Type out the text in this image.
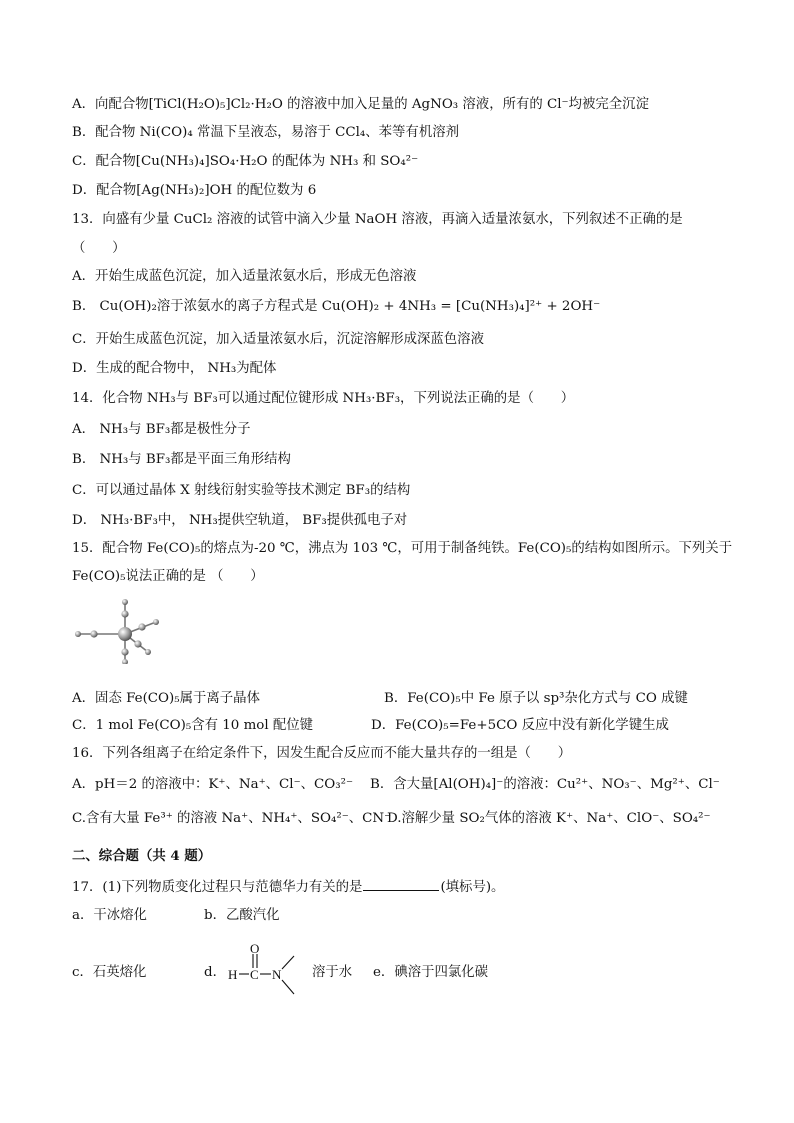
A．向配合物[TiCl(H₂O)₅]Cl₂·H₂O 的溶液中加入足量的 AgNO₃ 溶液，所有的 Cl⁻均被完全沉淀
B．配合物 Ni(CO)₄ 常温下呈液态，易溶于 CCl₄、苯等有机溶剂
C．配合物[Cu(NH₃)₄]SO₄·H₂O 的配体为 NH₃ 和 SO₄²⁻
D．配合物[Ag(NH₃)₂]OH 的配位数为 6
13．向盛有少量 CuCl₂ 溶液的试管中滴入少量 NaOH 溶液，再滴入适量浓氨水，下列叙述不正确的是
（　　）
A．开始生成蓝色沉淀，加入适量浓氨水后，形成无色溶液
B． Cu(OH)₂溶于浓氨水的离子方程式是 Cu(OH)₂ + 4NH₃ = [Cu(NH₃)₄]²⁺ + 2OH⁻
C．开始生成蓝色沉淀，加入适量浓氨水后，沉淀溶解形成深蓝色溶液
D．生成的配合物中， NH₃为配体
14．化合物 NH₃与 BF₃可以通过配位键形成 NH₃·BF₃，下列说法正确的是（　　）
A． NH₃与 BF₃都是极性分子
B． NH₃与 BF₃都是平面三角形结构
C．可以通过晶体 X 射线衍射实验等技术测定 BF₃的结构
D． NH₃·BF₃中， NH₃提供空轨道， BF₃提供孤电子对
15．配合物 Fe(CO)₅的熔点为-20 ℃，沸点为 103 ℃，可用于制备纯铁。Fe(CO)₅的结构如图所示。下列关于
Fe(CO)₅说法正确的是 （　　）
A．固态 Fe(CO)₅属于离子晶体	B．Fe(CO)₅中 Fe 原子以 sp³杂化方式与 CO 成键
C．1 mol Fe(CO)₅含有 10 mol 配位键	D．Fe(CO)₅=Fe+5CO 反应中没有新化学键生成
16．下列各组离子在给定条件下，因发生配合反应而不能大量共存的一组是（　　）
A．pH＝2 的溶液中：K⁺、Na⁺、Cl⁻、CO₃²⁻ B．含大量[Al(OH)₄]⁻的溶液：Cu²⁺、NO₃⁻、Mg²⁺、Cl⁻
C.含有大量 Fe³⁺ 的溶液 Na⁺、NH₄⁺、SO₄²⁻、CN⁻
D.溶解少量 SO₂气体的溶液 K⁺、Na⁺、ClO⁻、SO₄²⁻
二、综合题（共 4 题）
17．(1)下列物质变化过程只与范德华力有关的是	(填标号)。
a．干冰熔化	b．乙酸汽化
c．石英熔化	d．
O
H C N 溶于水 e．碘溶于四氯化碳
